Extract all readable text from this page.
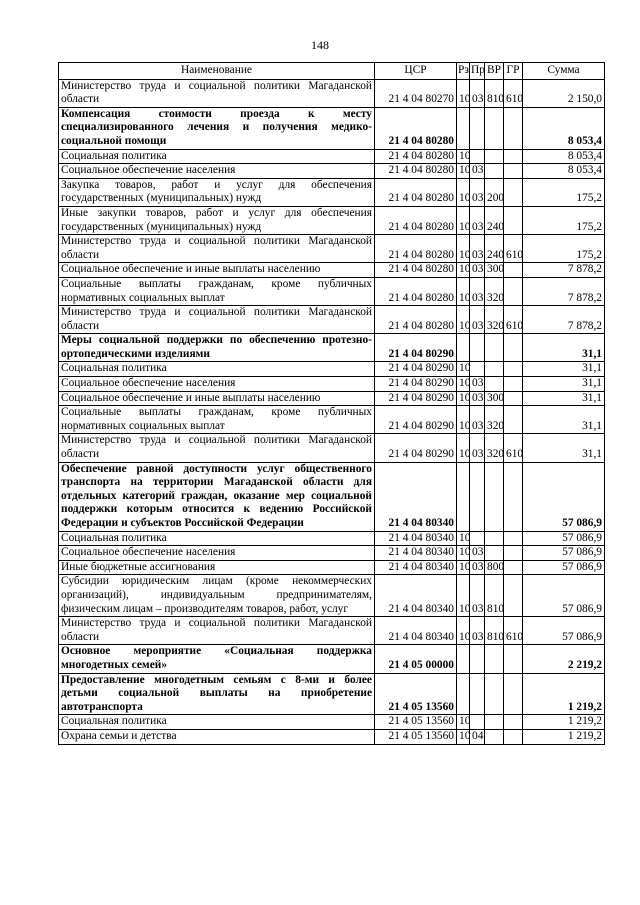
148
Наименование	ЦСР	Рз	Пр	ВР	ГР	Сумма
Министерство труда и социальной политики Магаданской области	21 4 04 80270	10	03	810	610	2 150,0
Компенсация стоимости проезда к месту специализированного лечения и получения медико-социальной помощи	21 4 04 80280					8 053,4
Социальная политика	21 4 04 80280	10				8 053,4
Социальное обеспечение населения	21 4 04 80280	10	03			8 053,4
Закупка товаров, работ и услуг для обеспечения государственных (муниципальных) нужд	21 4 04 80280	10	03	200		175,2
Иные закупки товаров, работ и услуг для обеспечения государственных (муниципальных) нужд	21 4 04 80280	10	03	240		175,2
Министерство труда и социальной политики Магаданской области	21 4 04 80280	10	03	240	610	175,2
Социальное обеспечение и иные выплаты населению	21 4 04 80280	10	03	300		7 878,2
Социальные выплаты гражданам, кроме публичных нормативных социальных выплат	21 4 04 80280	10	03	320		7 878,2
Министерство труда и социальной политики Магаданской области	21 4 04 80280	10	03	320	610	7 878,2
Меры социальной поддержки по обеспечению протезно-ортопедическими изделиями	21 4 04 80290					31,1
Социальная политика	21 4 04 80290	10				31,1
Социальное обеспечение населения	21 4 04 80290	10	03			31,1
Социальное обеспечение и иные выплаты населению	21 4 04 80290	10	03	300		31,1
Социальные выплаты гражданам, кроме публичных нормативных социальных выплат	21 4 04 80290	10	03	320		31,1
Министерство труда и социальной политики Магаданской области	21 4 04 80290	10	03	320	610	31,1
Обеспечение равной доступности услуг общественного транспорта на территории Магаданской области для отдельных категорий граждан, оказание мер социальной поддержки которым относится к ведению Российской Федерации и субъектов Российской Федерации	21 4 04 80340					57 086,9
Социальная политика	21 4 04 80340	10				57 086,9
Социальное обеспечение населения	21 4 04 80340	10	03			57 086,9
Иные бюджетные ассигнования	21 4 04 80340	10	03	800		57 086,9
Субсидии юридическим лицам (кроме некоммерческих организаций), индивидуальным предпринимателям, физическим лицам – производителям товаров, работ, услуг	21 4 04 80340	10	03	810		57 086,9
Министерство труда и социальной политики Магаданской области	21 4 04 80340	10	03	810	610	57 086,9
Основное мероприятие «Социальная поддержка многодетных семей»	21 4 05 00000					2 219,2
Предоставление многодетным семьям с 8-ми и более детьми социальной выплаты на приобретение автотранспорта	21 4 05 13560					1 219,2
Социальная политика	21 4 05 13560	10				1 219,2
Охрана семьи и детства	21 4 05 13560	10	04			1 219,2
